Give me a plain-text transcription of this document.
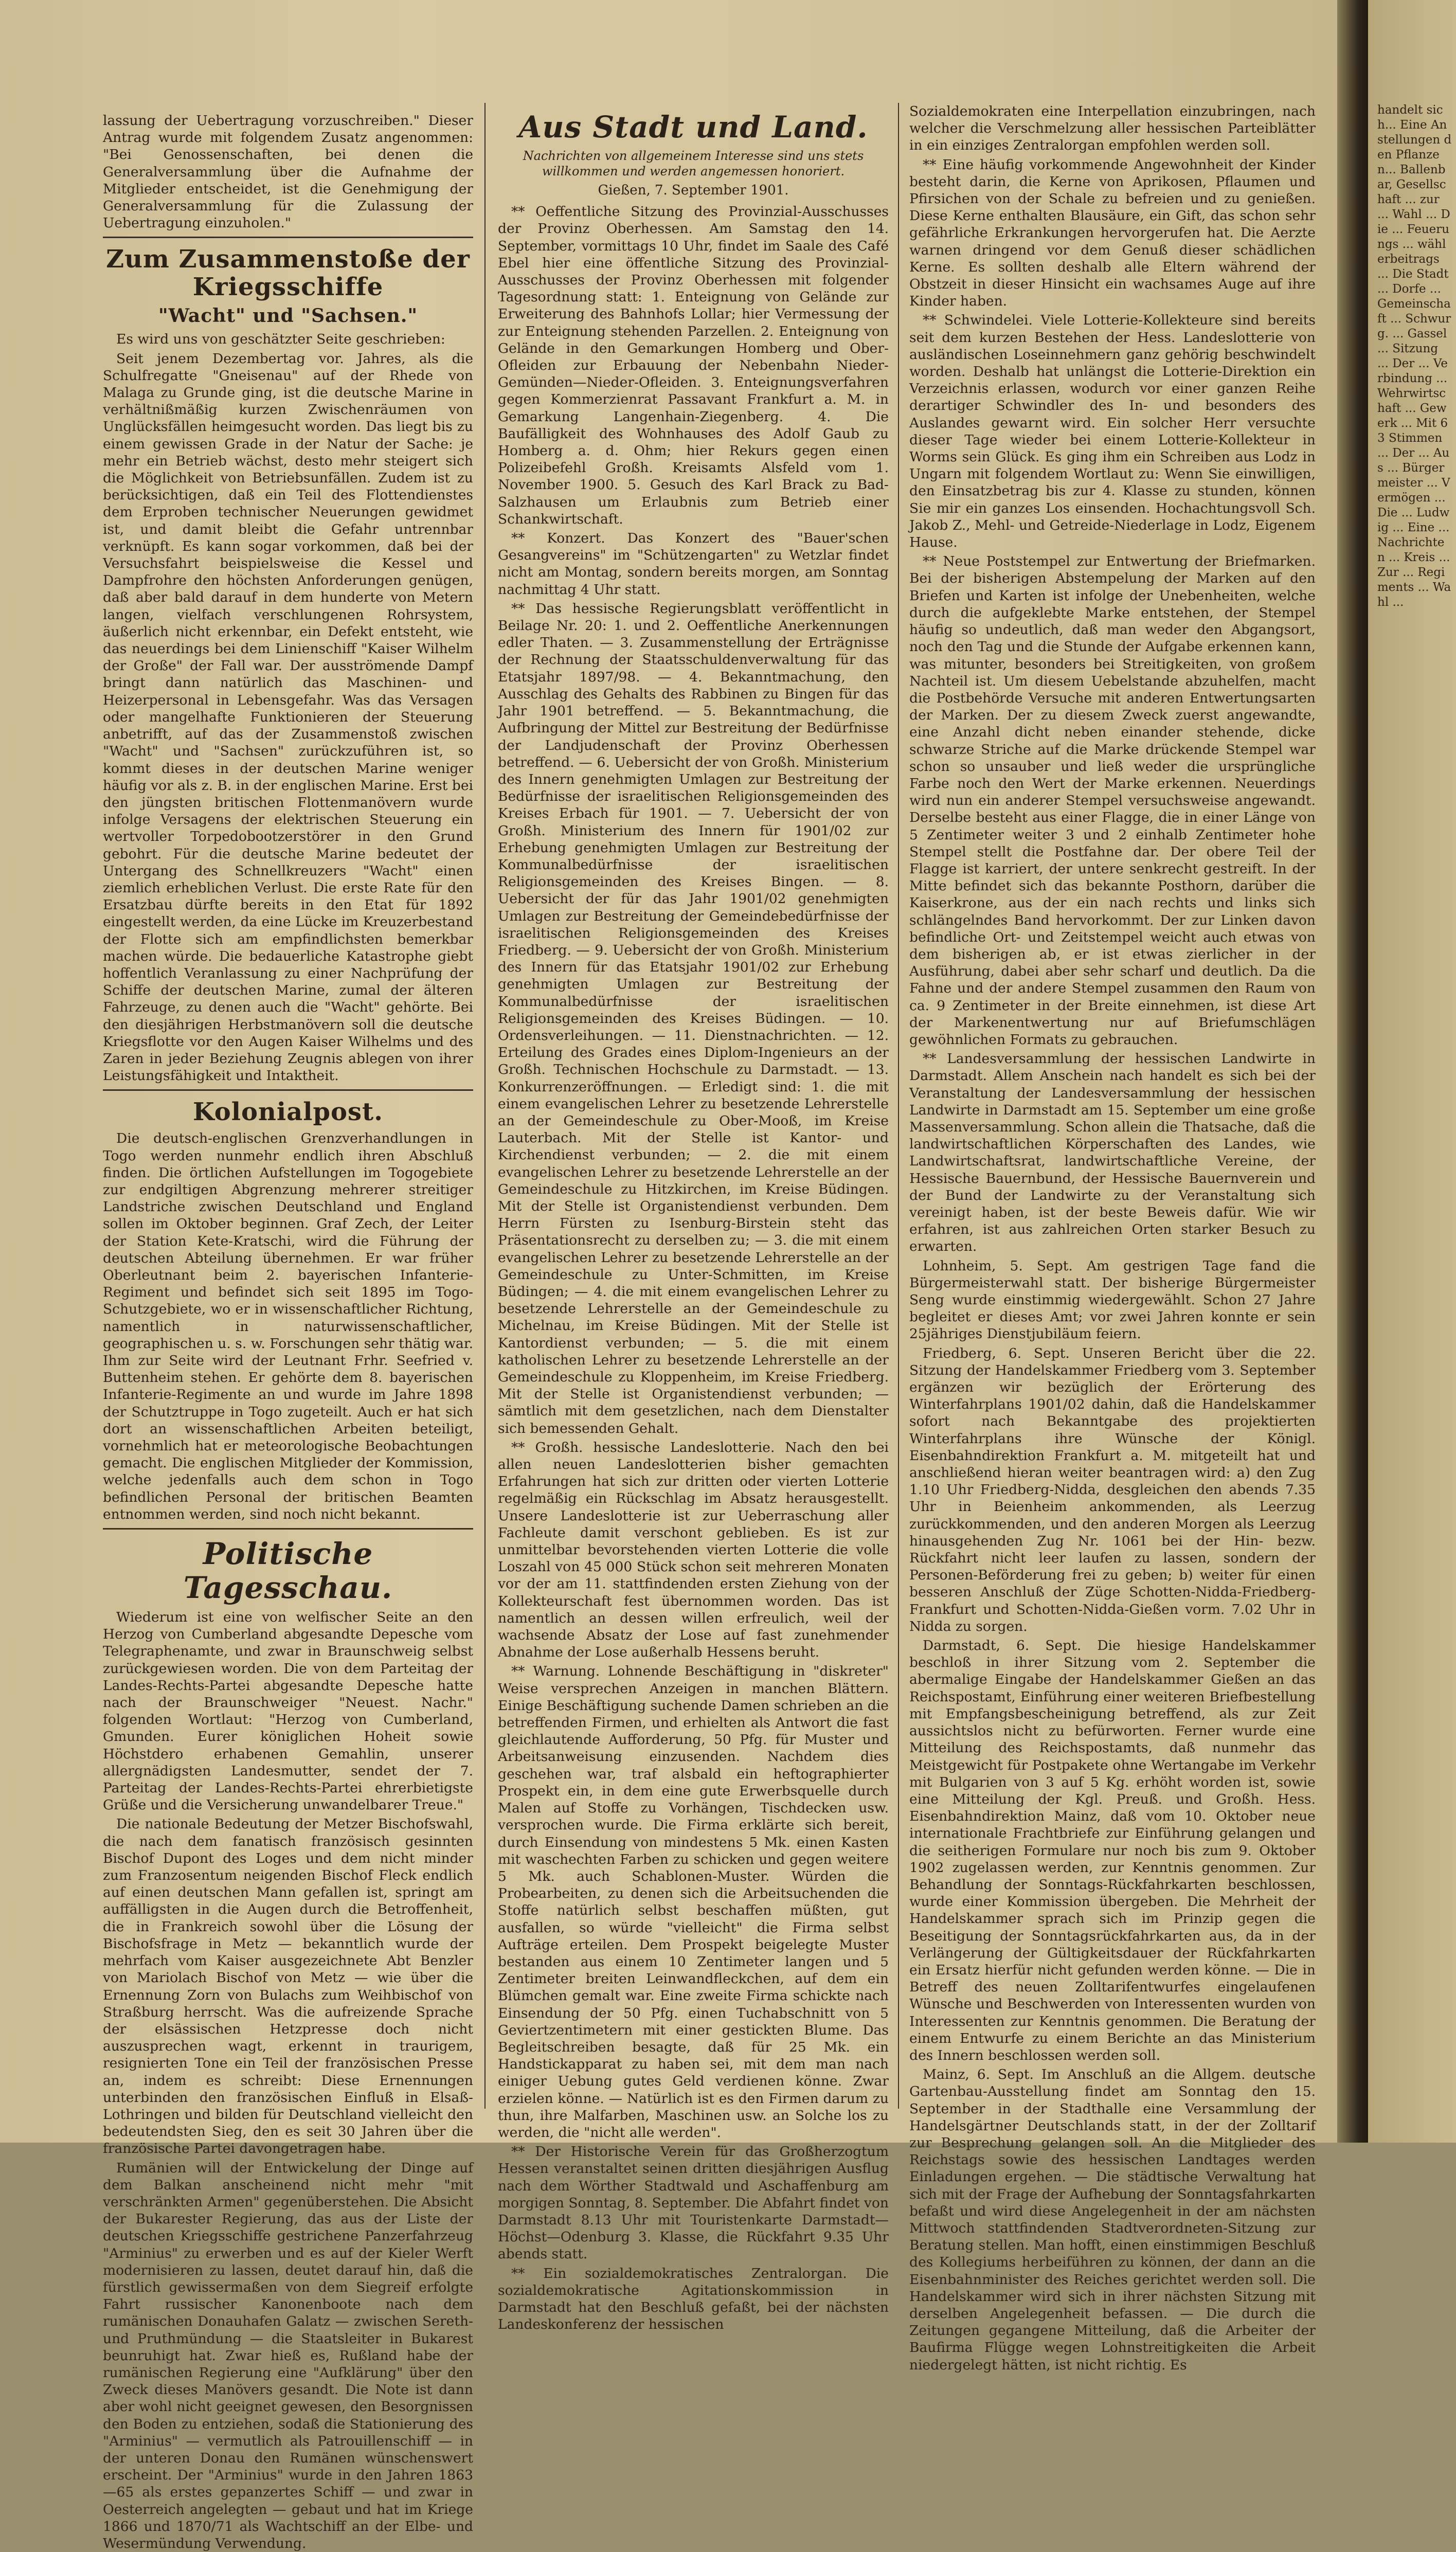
lassung der Uebertragung vorzuschreiben." Dieser Antrag wurde mit folgendem Zusatz angenommen: "Bei Genossenschaften, bei denen die Generalversammlung über die Aufnahme der Mitglieder entscheidet, ist die Genehmigung der Generalversammlung für die Zulassung der Uebertragung einzuholen."

Zum Zusammenstoße der Kriegsschiffe
"Wacht" und "Sachsen."

Es wird uns von geschätzter Seite geschrieben:

Seit jenem Dezembertag vor. Jahres, als die Schulfregatte "Gneisenau" auf der Rhede von Malaga zu Grunde ging, ist die deutsche Marine in verhältnißmäßig kurzen Zwischenräumen von Unglücksfällen heimgesucht worden. Das liegt bis zu einem gewissen Grade in der Natur der Sache: je mehr ein Betrieb wächst, desto mehr steigert sich die Möglichkeit von Betriebsunfällen. Zudem ist zu berücksichtigen, daß ein Teil des Flottendienstes dem Erproben technischer Neuerungen gewidmet ist, und damit bleibt die Gefahr untrennbar verknüpft. Es kann sogar vorkommen, daß bei der Versuchsfahrt beispielsweise die Kessel und Dampfrohre den höchsten Anforderungen genügen, daß aber bald darauf in dem hunderte von Metern langen, vielfach verschlungenen Rohrsystem, äußerlich nicht erkennbar, ein Defekt entsteht, wie das neuerdings bei dem Linienschiff "Kaiser Wilhelm der Große" der Fall war. Der ausströmende Dampf bringt dann natürlich das Maschinen- und Heizerpersonal in Lebensgefahr. Was das Versagen oder mangelhafte Funktionieren der Steuerung anbetrifft, auf das der Zusammenstoß zwischen "Wacht" und "Sachsen" zurückzuführen ist, so kommt dieses in der deutschen Marine weniger häufig vor als z. B. in der englischen Marine. Erst bei den jüngsten britischen Flottenmanövern wurde infolge Versagens der elektrischen Steuerung ein wertvoller Torpedobootzerstörer in den Grund gebohrt. Für die deutsche Marine bedeutet der Untergang des Schnellkreuzers "Wacht" einen ziemlich erheblichen Verlust. Die erste Rate für den Ersatzbau dürfte bereits in den Etat für 1892 eingestellt werden, da eine Lücke im Kreuzerbestand der Flotte sich am empfindlichsten bemerkbar machen würde. Die bedauerliche Katastrophe giebt hoffentlich Veranlassung zu einer Nachprüfung der Schiffe der deutschen Marine, zumal der älteren Fahrzeuge, zu denen auch die "Wacht" gehörte. Bei den diesjährigen Herbstmanövern soll die deutsche Kriegsflotte vor den Augen Kaiser Wilhelms und des Zaren in jeder Beziehung Zeugnis ablegen von ihrer Leistungsfähigkeit und Intaktheit.

Kolonialpost.

Die deutsch-englischen Grenzverhandlungen in Togo werden nunmehr endlich ihren Abschluß finden. Die örtlichen Aufstellungen im Togogebiete zur endgiltigen Abgrenzung mehrerer streitiger Landstriche zwischen Deutschland und England sollen im Oktober beginnen. Graf Zech, der Leiter der Station Kete-Kratschi, wird die Führung der deutschen Abteilung übernehmen. Er war früher Oberleutnant beim 2. bayerischen Infanterie-Regiment und befindet sich seit 1895 im Togo-Schutzgebiete, wo er in wissenschaftlicher Richtung, namentlich in naturwissenschaftlicher, geographischen u. s. w. Forschungen sehr thätig war. Ihm zur Seite wird der Leutnant Frhr. Seefried v. Buttenheim stehen. Er gehörte dem 8. bayerischen Infanterie-Regimente an und wurde im Jahre 1898 der Schutztruppe in Togo zugeteilt. Auch er hat sich dort an wissenschaftlichen Arbeiten beteiligt, vornehmlich hat er meteorologische Beobachtungen gemacht. Die englischen Mitglieder der Kommission, welche jedenfalls auch dem schon in Togo befindlichen Personal der britischen Beamten entnommen werden, sind noch nicht bekannt.

Politische Tagesschau.

Wiederum ist eine von welfischer Seite an den Herzog von Cumberland abgesandte Depesche vom Telegraphenamte, und zwar in Braunschweig selbst zurückgewiesen worden. Die von dem Parteitag der Landes-Rechts-Partei abgesandte Depesche hatte nach der Braunschweiger "Neuest. Nachr." folgenden Wortlaut: "Herzog von Cumberland, Gmunden. Eurer königlichen Hoheit sowie Höchstdero erhabenen Gemahlin, unserer allergnädigsten Landesmutter, sendet der 7. Parteitag der Landes-Rechts-Partei ehrerbietigste Grüße und die Versicherung unwandelbarer Treue."

Die nationale Bedeutung der Metzer Bischofswahl, die nach dem fanatisch französisch gesinnten Bischof Dupont des Loges und dem nicht minder zum Franzosentum neigenden Bischof Fleck endlich auf einen deutschen Mann gefallen ist, springt am auffälligsten in die Augen durch die Betroffenheit, die in Frankreich sowohl über die Lösung der Bischofsfrage in Metz — bekanntlich wurde der mehrfach vom Kaiser ausgezeichnete Abt Benzler von Mariolach Bischof von Metz — wie über die Ernennung Zorn von Bulachs zum Weihbischof von Straßburg herrscht. Was die aufreizende Sprache der elsässischen Hetzpresse doch nicht auszusprechen wagt, erkennt in traurigem, resignierten Tone ein Teil der französischen Presse an, indem es schreibt: Diese Ernennungen unterbinden den französischen Einfluß in Elsaß-Lothringen und bilden für Deutschland vielleicht den bedeutendsten Sieg, den es seit 30 Jahren über die französische Partei davongetragen habe.

Rumänien will der Entwickelung der Dinge auf dem Balkan anscheinend nicht mehr "mit verschränkten Armen" gegenüberstehen. Die Absicht der Bukarester Regierung, das aus der Liste der deutschen Kriegsschiffe gestrichene Panzerfahrzeug "Arminius" zu erwerben und es auf der Kieler Werft modernisieren zu lassen, deutet darauf hin, daß die fürstlich gewissermaßen von dem Siegreif erfolgte Fahrt russischer Kanonenboote nach dem rumänischen Donauhafen Galatz — zwischen Sereth- und Pruthmündung — die Staatsleiter in Bukarest beunruhigt hat. Zwar hieß es, Rußland habe der rumänischen Regierung eine "Aufklärung" über den Zweck dieses Manövers gesandt. Die Note ist dann aber wohl nicht geeignet gewesen, den Besorgnissen den Boden zu entziehen, sodaß die Stationierung des "Arminius" — vermutlich als Patrouillenschiff — in der unteren Donau den Rumänen wünschenswert erscheint. Der "Arminius" wurde in den Jahren 1863—65 als erstes gepanzertes Schiff — und zwar in Oesterreich angelegten — gebaut und hat im Kriege 1866 und 1870/71 als Wachtschiff an der Elbe- und Wesermündung Verwendung.

Aus Stadt und Land.
Nachrichten von allgemeinem Interesse sind uns stets willkommen und werden angemessen honoriert.
Gießen, 7. September 1901.

** Oeffentliche Sitzung des Provinzial-Ausschusses der Provinz Oberhessen. Am Samstag den 14. September, vormittags 10 Uhr, findet im Saale des Café Ebel hier eine öffentliche Sitzung des Provinzial-Ausschusses der Provinz Oberhessen mit folgender Tagesordnung statt: 1. Enteignung von Gelände zur Erweiterung des Bahnhofs Lollar; hier Vermessung der zur Enteignung stehenden Parzellen. 2. Enteignung von Gelände in den Gemarkungen Homberg und Ober-Ofleiden zur Erbauung der Nebenbahn Nieder-Gemünden—Nieder-Ofleiden. 3. Enteignungsverfahren gegen Kommerzienrat Passavant Frankfurt a. M. in Gemarkung Langenhain-Ziegenberg. 4. Die Baufälligkeit des Wohnhauses des Adolf Gaub zu Homberg a. d. Ohm; hier Rekurs gegen einen Polizeibefehl Großh. Kreisamts Alsfeld vom 1. November 1900. 5. Gesuch des Karl Brack zu Bad-Salzhausen um Erlaubnis zum Betrieb einer Schankwirtschaft.

** Konzert. Das Konzert des "Bauer'schen Gesangvereins" im "Schützengarten" zu Wetzlar findet nicht am Montag, sondern bereits morgen, am Sonntag nachmittag 4 Uhr statt.

** Das hessische Regierungsblatt veröffentlicht in Beilage Nr. 20: 1. und 2. Oeffentliche Anerkennungen edler Thaten. — 3. Zusammenstellung der Erträgnisse der Rechnung der Staatsschuldenverwaltung für das Etatsjahr 1897/98. — 4. Bekanntmachung, den Ausschlag des Gehalts des Rabbinen zu Bingen für das Jahr 1901 betreffend. — 5. Bekanntmachung, die Aufbringung der Mittel zur Bestreitung der Bedürfnisse der Landjudenschaft der Provinz Oberhessen betreffend. — 6. Uebersicht der von Großh. Ministerium des Innern genehmigten Umlagen zur Bestreitung der Bedürfnisse der israelitischen Religionsgemeinden des Kreises Erbach für 1901. — 7. Uebersicht der von Großh. Ministerium des Innern für 1901/02 zur Erhebung genehmigten Umlagen zur Bestreitung der Kommunalbedürfnisse der israelitischen Religionsgemeinden des Kreises Bingen. — 8. Uebersicht der für das Jahr 1901/02 genehmigten Umlagen zur Bestreitung der Gemeindebedürfnisse der israelitischen Religionsgemeinden des Kreises Friedberg. — 9. Uebersicht der von Großh. Ministerium des Innern für das Etatsjahr 1901/02 zur Erhebung genehmigten Umlagen zur Bestreitung der Kommunalbedürfnisse der israelitischen Religionsgemeinden des Kreises Büdingen. — 10. Ordensverleihungen. — 11. Dienstnachrichten. — 12. Erteilung des Grades eines Diplom-Ingenieurs an der Großh. Technischen Hochschule zu Darmstadt. — 13. Konkurrenzeröffnungen. — Erledigt sind: 1. die mit einem evangelischen Lehrer zu besetzende Lehrerstelle an der Gemeindeschule zu Ober-Mooß, im Kreise Lauterbach. Mit der Stelle ist Kantor- und Kirchendienst verbunden; — 2. die mit einem evangelischen Lehrer zu besetzende Lehrerstelle an der Gemeindeschule zu Hitzkirchen, im Kreise Büdingen. Mit der Stelle ist Organistendienst verbunden. Dem Herrn Fürsten zu Isenburg-Birstein steht das Präsentationsrecht zu derselben zu; — 3. die mit einem evangelischen Lehrer zu besetzende Lehrerstelle an der Gemeindeschule zu Unter-Schmitten, im Kreise Büdingen; — 4. die mit einem evangelischen Lehrer zu besetzende Lehrerstelle an der Gemeindeschule zu Michelnau, im Kreise Büdingen. Mit der Stelle ist Kantordienst verbunden; — 5. die mit einem katholischen Lehrer zu besetzende Lehrerstelle an der Gemeindeschule zu Kloppenheim, im Kreise Friedberg. Mit der Stelle ist Organistendienst verbunden; — sämtlich mit dem gesetzlichen, nach dem Dienstalter sich bemessenden Gehalt.

** Großh. hessische Landeslotterie. Nach den bei allen neuen Landeslotterien bisher gemachten Erfahrungen hat sich zur dritten oder vierten Lotterie regelmäßig ein Rückschlag im Absatz herausgestellt. Unsere Landeslotterie ist zur Ueberraschung aller Fachleute damit verschont geblieben. Es ist zur unmittelbar bevorstehenden vierten Lotterie die volle Loszahl von 45 000 Stück schon seit mehreren Monaten vor der am 11. stattfindenden ersten Ziehung von der Kollekteurschaft fest übernommen worden. Das ist namentlich an dessen willen erfreulich, weil der wachsende Absatz der Lose auf fast zunehmender Abnahme der Lose außerhalb Hessens beruht.

** Warnung. Lohnende Beschäftigung in "diskreter" Weise versprechen Anzeigen in manchen Blättern. Einige Beschäftigung suchende Damen schrieben an die betreffenden Firmen, und erhielten als Antwort die fast gleichlautende Aufforderung, 50 Pfg. für Muster und Arbeitsanweisung einzusenden. Nachdem dies geschehen war, traf alsbald ein heftographierter Prospekt ein, in dem eine gute Erwerbsquelle durch Malen auf Stoffe zu Vorhängen, Tischdecken usw. versprochen wurde. Die Firma erklärte sich bereit, durch Einsendung von mindestens 5 Mk. einen Kasten mit waschechten Farben zu schicken und gegen weitere 5 Mk. auch Schablonen-Muster. Würden die Probearbeiten, zu denen sich die Arbeitsuchenden die Stoffe natürlich selbst beschaffen müßten, gut ausfallen, so würde "vielleicht" die Firma selbst Aufträge erteilen. Dem Prospekt beigelegte Muster bestanden aus einem 10 Zentimeter langen und 5 Zentimeter breiten Leinwandfleckchen, auf dem ein Blümchen gemalt war. Eine zweite Firma schickte nach Einsendung der 50 Pfg. einen Tuchabschnitt von 5 Geviertzentimetern mit einer gestickten Blume. Das Begleitschreiben besagte, daß für 25 Mk. ein Handstickapparat zu haben sei, mit dem man nach einiger Uebung gutes Geld verdienen könne. Zwar erzielen könne. — Natürlich ist es den Firmen darum zu thun, ihre Malfarben, Maschinen usw. an Solche los zu werden, die "nicht alle werden".

** Der Historische Verein für das Großherzogtum Hessen veranstaltet seinen dritten diesjährigen Ausflug nach dem Wörther Stadtwald und Aschaffenburg am morgigen Sonntag, 8. September. Die Abfahrt findet von Darmstadt 8.13 Uhr mit Touristenkarte Darmstadt—Höchst—Odenburg 3. Klasse, die Rückfahrt 9.35 Uhr abends statt.

** Ein sozialdemokratisches Zentralorgan. Die sozialdemokratische Agitationskommission in Darmstadt hat den Beschluß gefaßt, bei der nächsten Landeskonferenz der hessischen

Sozialdemokraten eine Interpellation einzubringen, nach welcher die Verschmelzung aller hessischen Parteiblätter in ein einziges Zentralorgan empfohlen werden soll.

** Eine häufig vorkommende Angewohnheit der Kinder besteht darin, die Kerne von Aprikosen, Pflaumen und Pfirsichen von der Schale zu befreien und zu genießen. Diese Kerne enthalten Blausäure, ein Gift, das schon sehr gefährliche Erkrankungen hervorgerufen hat. Die Aerzte warnen dringend vor dem Genuß dieser schädlichen Kerne. Es sollten deshalb alle Eltern während der Obstzeit in dieser Hinsicht ein wachsames Auge auf ihre Kinder haben.

** Schwindelei. Viele Lotterie-Kollekteure sind bereits seit dem kurzen Bestehen der Hess. Landeslotterie von ausländischen Loseinnehmern ganz gehörig beschwindelt worden. Deshalb hat unlängst die Lotterie-Direktion ein Verzeichnis erlassen, wodurch vor einer ganzen Reihe derartiger Schwindler des In- und besonders des Auslandes gewarnt wird. Ein solcher Herr versuchte dieser Tage wieder bei einem Lotterie-Kollekteur in Worms sein Glück. Es ging ihm ein Schreiben aus Lodz in Ungarn mit folgendem Wortlaut zu: Wenn Sie einwilligen, den Einsatzbetrag bis zur 4. Klasse zu stunden, können Sie mir ein ganzes Los einsenden. Hochachtungsvoll Sch. Jakob Z., Mehl- und Getreide-Niederlage in Lodz, Eigenem Hause.

** Neue Poststempel zur Entwertung der Briefmarken. Bei der bisherigen Abstempelung der Marken auf den Briefen und Karten ist infolge der Unebenheiten, welche durch die aufgeklebte Marke entstehen, der Stempel häufig so undeutlich, daß man weder den Abgangsort, noch den Tag und die Stunde der Aufgabe erkennen kann, was mitunter, besonders bei Streitigkeiten, von großem Nachteil ist. Um diesem Uebelstande abzuhelfen, macht die Postbehörde Versuche mit anderen Entwertungsarten der Marken. Der zu diesem Zweck zuerst angewandte, eine Anzahl dicht neben einander stehende, dicke schwarze Striche auf die Marke drückende Stempel war schon so unsauber und ließ weder die ursprüngliche Farbe noch den Wert der Marke erkennen. Neuerdings wird nun ein anderer Stempel versuchsweise angewandt. Derselbe besteht aus einer Flagge, die in einer Länge von 5 Zentimeter weiter 3 und 2 einhalb Zentimeter hohe Stempel stellt die Postfahne dar. Der obere Teil der Flagge ist karriert, der untere senkrecht gestreift. In der Mitte befindet sich das bekannte Posthorn, darüber die Kaiserkrone, aus der ein nach rechts und links sich schlängelndes Band hervorkommt. Der zur Linken davon befindliche Ort- und Zeitstempel weicht auch etwas von dem bisherigen ab, er ist etwas zierlicher in der Ausführung, dabei aber sehr scharf und deutlich. Da die Fahne und der andere Stempel zusammen den Raum von ca. 9 Zentimeter in der Breite einnehmen, ist diese Art der Markenentwertung nur auf Briefumschlägen gewöhnlichen Formats zu gebrauchen.

** Landesversammlung der hessischen Landwirte in Darmstadt. Allem Anschein nach handelt es sich bei der Veranstaltung der Landesversammlung der hessischen Landwirte in Darmstadt am 15. September um eine große Massenversammlung. Schon allein die Thatsache, daß die landwirtschaftlichen Körperschaften des Landes, wie Landwirtschaftsrat, landwirtschaftliche Vereine, der Hessische Bauernbund, der Hessische Bauernverein und der Bund der Landwirte zu der Veranstaltung sich vereinigt haben, ist der beste Beweis dafür. Wie wir erfahren, ist aus zahlreichen Orten starker Besuch zu erwarten.

Lohnheim, 5. Sept. Am gestrigen Tage fand die Bürgermeisterwahl statt. Der bisherige Bürgermeister Seng wurde einstimmig wiedergewählt. Schon 27 Jahre begleitet er dieses Amt; vor zwei Jahren konnte er sein 25jähriges Dienstjubiläum feiern.

Friedberg, 6. Sept. Unseren Bericht über die 22. Sitzung der Handelskammer Friedberg vom 3. September ergänzen wir bezüglich der Erörterung des Winterfahrplans 1901/02 dahin, daß die Handelskammer sofort nach Bekanntgabe des projektierten Winterfahrplans ihre Wünsche der Königl. Eisenbahndirektion Frankfurt a. M. mitgeteilt hat und anschließend hieran weiter beantragen wird: a) den Zug 1.10 Uhr Friedberg-Nidda, desgleichen den abends 7.35 Uhr in Beienheim ankommenden, als Leerzug zurückkommenden, und den anderen Morgen als Leerzug hinausgehenden Zug Nr. 1061 bei der Hin- bezw. Rückfahrt nicht leer laufen zu lassen, sondern der Personen-Beförderung frei zu geben; b) weiter für einen besseren Anschluß der Züge Schotten-Nidda-Friedberg-Frankfurt und Schotten-Nidda-Gießen vorm. 7.02 Uhr in Nidda zu sorgen.

Darmstadt, 6. Sept. Die hiesige Handelskammer beschloß in ihrer Sitzung vom 2. September die abermalige Eingabe der Handelskammer Gießen an das Reichspostamt, Einführung einer weiteren Briefbestellung mit Empfangsbescheinigung betreffend, als zur Zeit aussichtslos nicht zu befürworten. Ferner wurde eine Mitteilung des Reichspostamts, daß nunmehr das Meistgewicht für Postpakete ohne Wertangabe im Verkehr mit Bulgarien von 3 auf 5 Kg. erhöht worden ist, sowie eine Mitteilung der Kgl. Preuß. und Großh. Hess. Eisenbahndirektion Mainz, daß vom 10. Oktober neue internationale Frachtbriefe zur Einführung gelangen und die seitherigen Formulare nur noch bis zum 9. Oktober 1902 zugelassen werden, zur Kenntnis genommen. Zur Behandlung der Sonntags-Rückfahrkarten beschlossen, wurde einer Kommission übergeben. Die Mehrheit der Handelskammer sprach sich im Prinzip gegen die Beseitigung der Sonntagsrückfahrkarten aus, da in der Verlängerung der Gültigkeitsdauer der Rückfahrkarten ein Ersatz hierfür nicht gefunden werden könne. — Die in Betreff des neuen Zolltarifentwurfes eingelaufenen Wünsche und Beschwerden von Interessenten wurden von Interessenten zur Kenntnis genommen. Die Beratung der einem Entwurfe zu einem Berichte an das Ministerium des Innern beschlossen werden soll.

Mainz, 6. Sept. Im Anschluß an die Allgem. deutsche Gartenbau-Ausstellung findet am Sonntag den 15. September in der Stadthalle eine Versammlung der Handelsgärtner Deutschlands statt, in der der Zolltarif zur Besprechung gelangen soll. An die Mitglieder des Reichstags sowie des hessischen Landtages werden Einladungen ergehen. — Die städtische Verwaltung hat sich mit der Frage der Aufhebung der Sonntagsfahrkarten befaßt und wird diese Angelegenheit in der am nächsten Mittwoch stattfindenden Stadtverordneten-Sitzung zur Beratung stellen. Man hofft, einen einstimmigen Beschluß des Kollegiums herbeiführen zu können, der dann an die Eisenbahnminister des Reiches gerichtet werden soll. Die Handelskammer wird sich in ihrer nächsten Sitzung mit derselben Angelegenheit befassen. — Die durch die Zeitungen gegangene Mitteilung, daß die Arbeiter der Baufirma Flügge wegen Lohnstreitigkeiten die Arbeit niedergelegt hätten, ist nicht richtig. Es

handelt sich... Eine Anstellungen den Pflanzen... Ballenbar, Gesellschaft ... zur ... Wahl ... Die ... Feuerungs ... wählerbeitrags ... Die Stadt ... Dorfe ... Gemeinschaft ... Schwurg. ... Gassel ... Sitzung ... Der ... Verbindung ... Wehrwirtschaft ... Gewerk ... Mit 63 Stimmen ... Der ... Aus ... Bürgermeister ... Vermögen ... Die ... Ludwig ... Eine ... Nachrichten ... Kreis ... Zur ... Regiments ... Wahl ...
